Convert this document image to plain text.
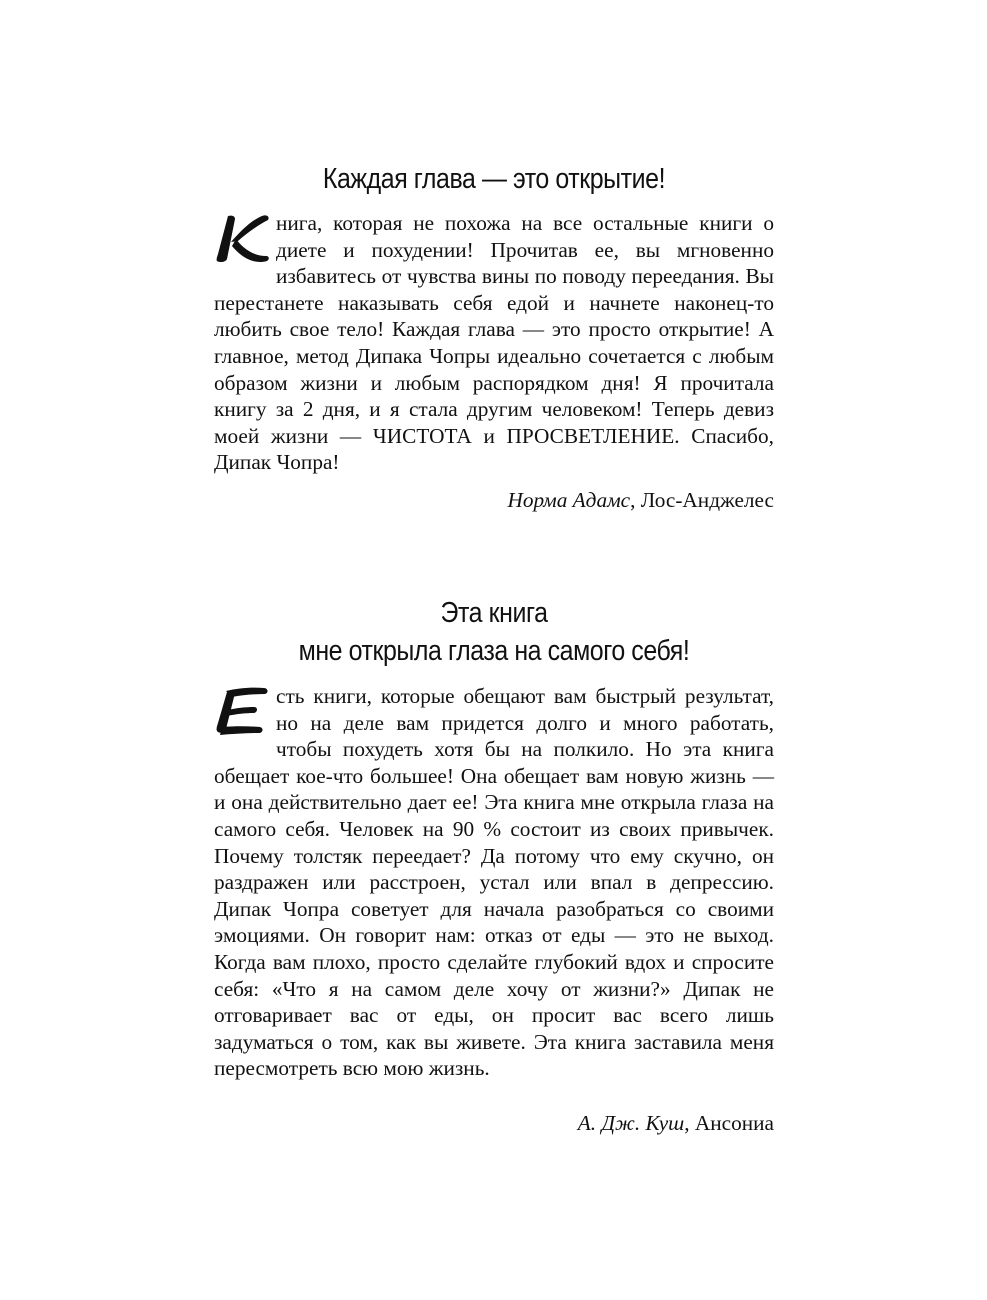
Каждая глава — это открытие!
нига, которая не похожа на все остальные книги о диете и похудении! Прочитав ее, вы мгновенно избавитесь от чувства вины по поводу переедания. Вы перестанете наказывать себя едой и начнете наконец-то любить свое тело! Каждая глава — это просто открытие! А главное, метод Дипака Чопры идеально сочетается с любым образом жизни и любым распорядком дня! Я прочитала книгу за 2 дня, и я стала другим человеком! Теперь девиз моей жизни — ЧИСТОТА и ПРОСВЕТЛЕНИЕ. Спасибо, Дипак Чопра!
Норма Адамс, Лос-Анджелес
Эта книга
мне открыла глаза на самого себя!
сть книги, которые обещают вам быстрый результат, но на деле вам придется долго и много работать, чтобы похудеть хотя бы на полкило. Но эта книга обещает кое-что большее! Она обещает вам новую жизнь — и она действительно дает ее! Эта книга мне открыла глаза на самого себя. Человек на 90 % состоит из своих привычек. Почему толстяк переедает? Да потому что ему скучно, он раздражен или расстроен, устал или впал в депрессию. Дипак Чопра советует для начала разобраться со своими эмоциями. Он говорит нам: отказ от еды — это не выход. Когда вам плохо, просто сделайте глубокий вдох и спросите себя: «Что я на самом деле хочу от жизни?» Дипак не отговаривает вас от еды, он просит вас всего лишь задуматься о том, как вы живете. Эта книга заставила меня пересмотреть всю мою жизнь.
А. Дж. Куш, Ансониа
